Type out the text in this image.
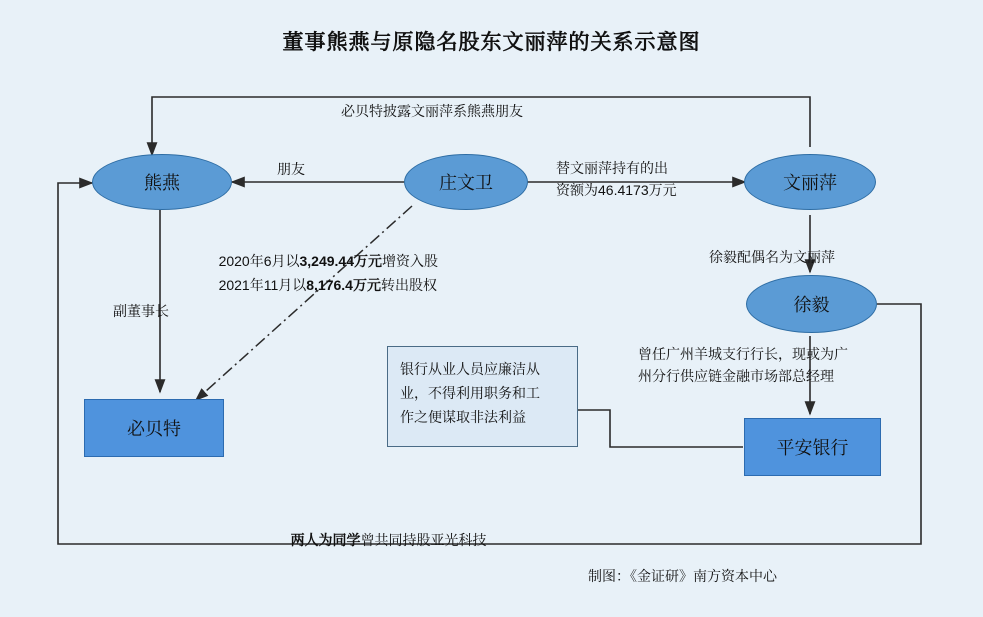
董事熊燕与原隐名股东文丽萍的关系示意图
熊燕	庄文卫	文丽萍
徐毅
必贝特
平安银行
银行从业人员应廉洁从
业，不得利用职务和工
作之便谋取非法利益
必贝特披露文丽萍系熊燕朋友
朋友	替文丽萍持有的出
资额为46.4173万元
徐毅配偶名为文丽萍

2020年6月以3,249.44万元增资入股

2021年11月以8,176.4万元转出股权

副董事长
曾任广州羊城支行行长，现或为广
州分行供应链金融市场部总经理

两人为同学曾共同持股亚光科技

制图：《金证研》南方资本中心
